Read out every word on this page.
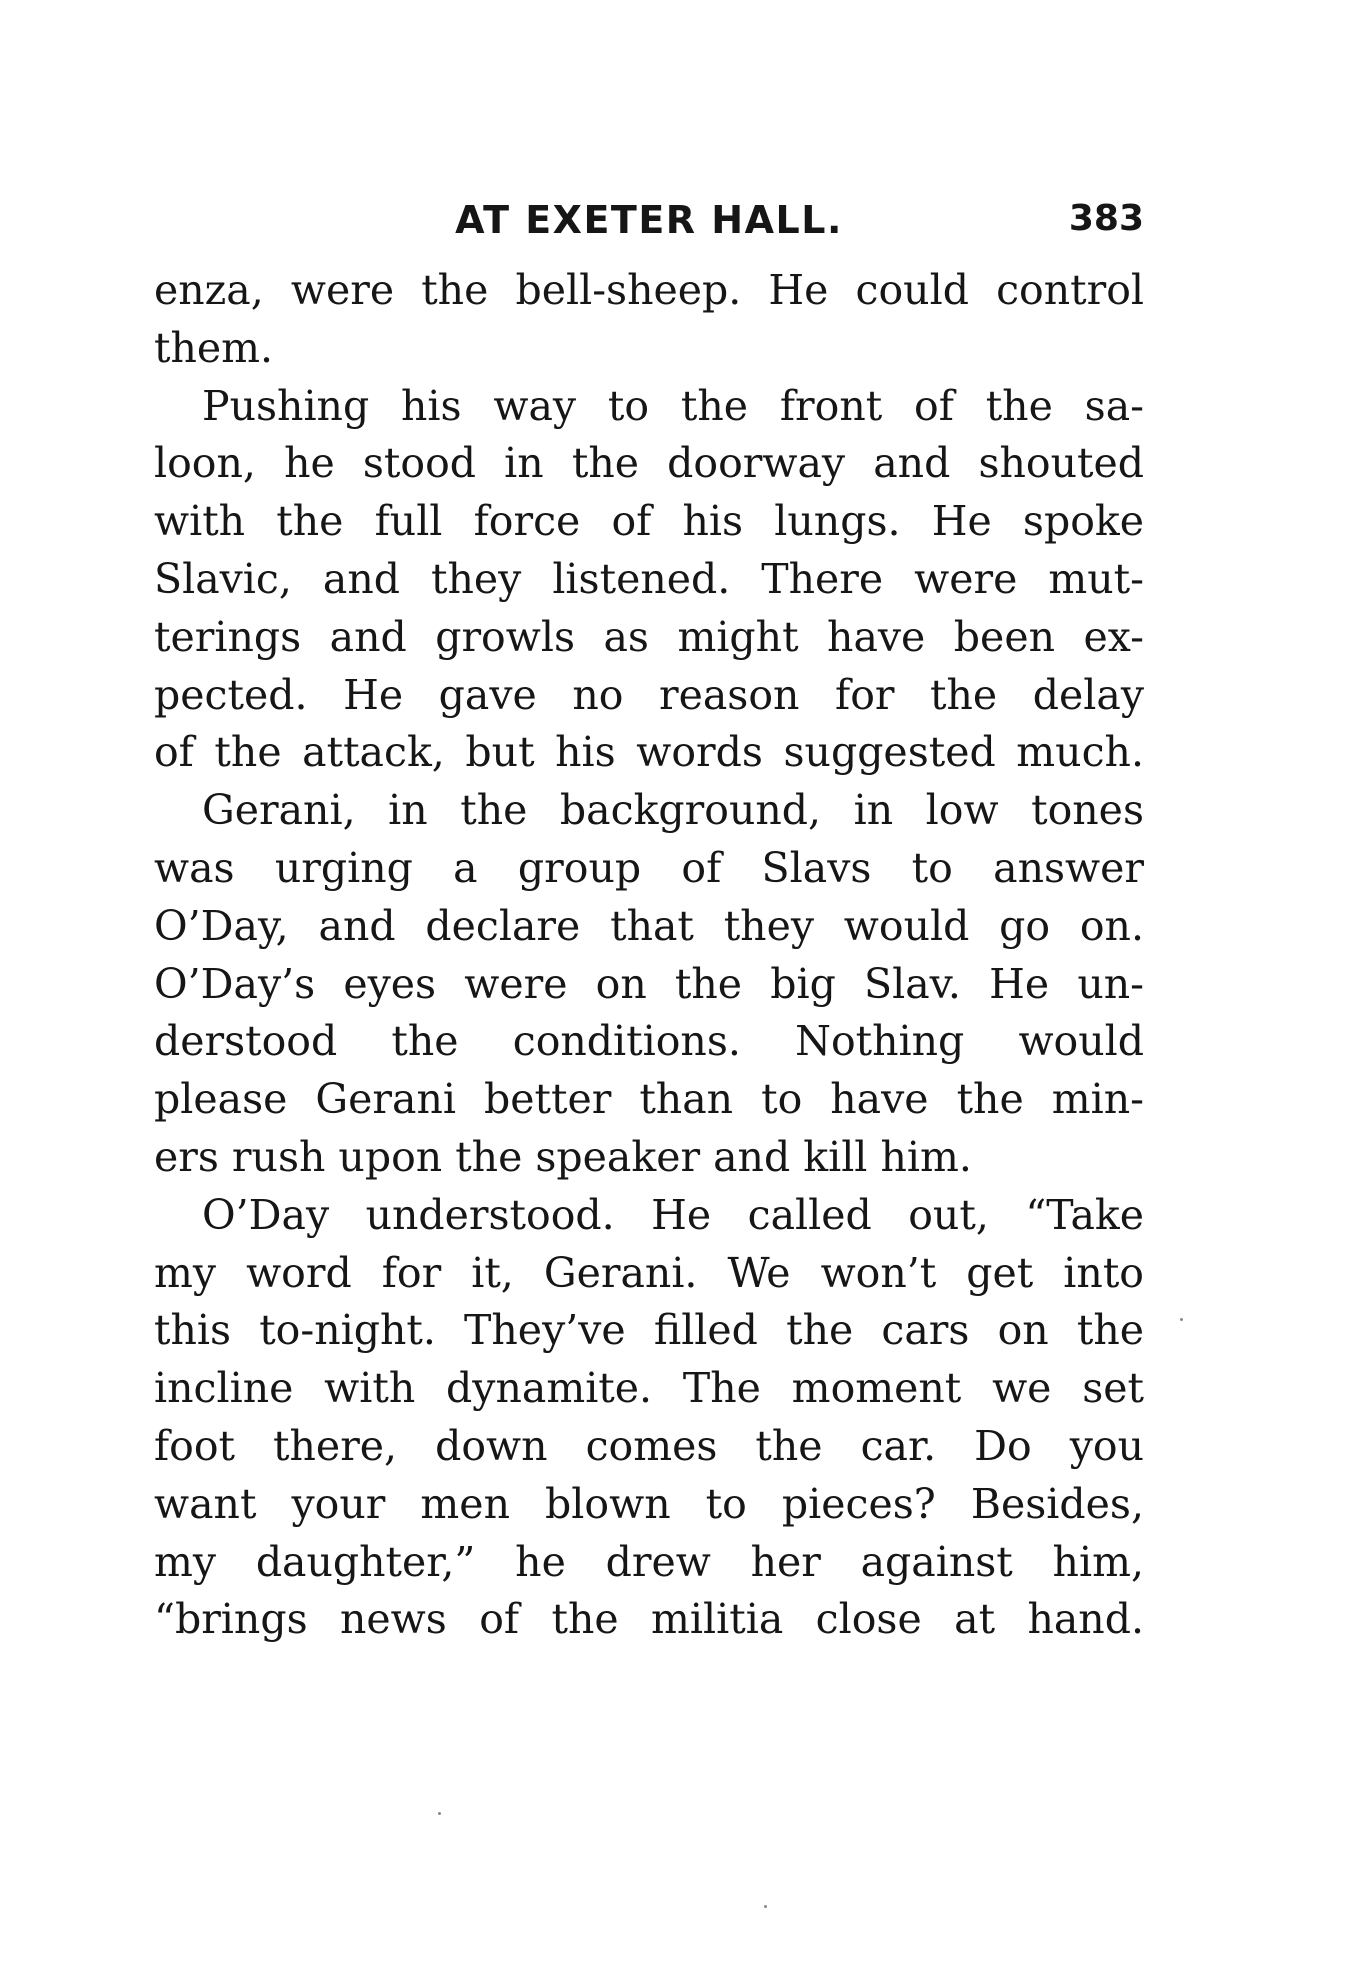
AT EXETER HALL.	383
enza, were the bell-sheep. He could control
them.
Pushing his way to the front of the sa-
loon, he stood in the doorway and shouted
with the full force of his lungs. He spoke
Slavic, and they listened. There were mut-
terings and growls as might have been ex-
pected. He gave no reason for the delay
of the attack, but his words suggested much.
Gerani, in the background, in low tones
was urging a group of Slavs to answer
O’Day, and declare that they would go on.
O’Day’s eyes were on the big Slav. He un-
derstood the conditions. Nothing would
please Gerani better than to have the min-
ers rush upon the speaker and kill him.
O’Day understood. He called out, “Take
my word for it, Gerani. We won’t get into
this to-night. They’ve filled the cars on the
incline with dynamite. The moment we set
foot there, down comes the car. Do you
want your men blown to pieces? Besides,
my daughter,” he drew her against him,
“brings news of the militia close at hand.
